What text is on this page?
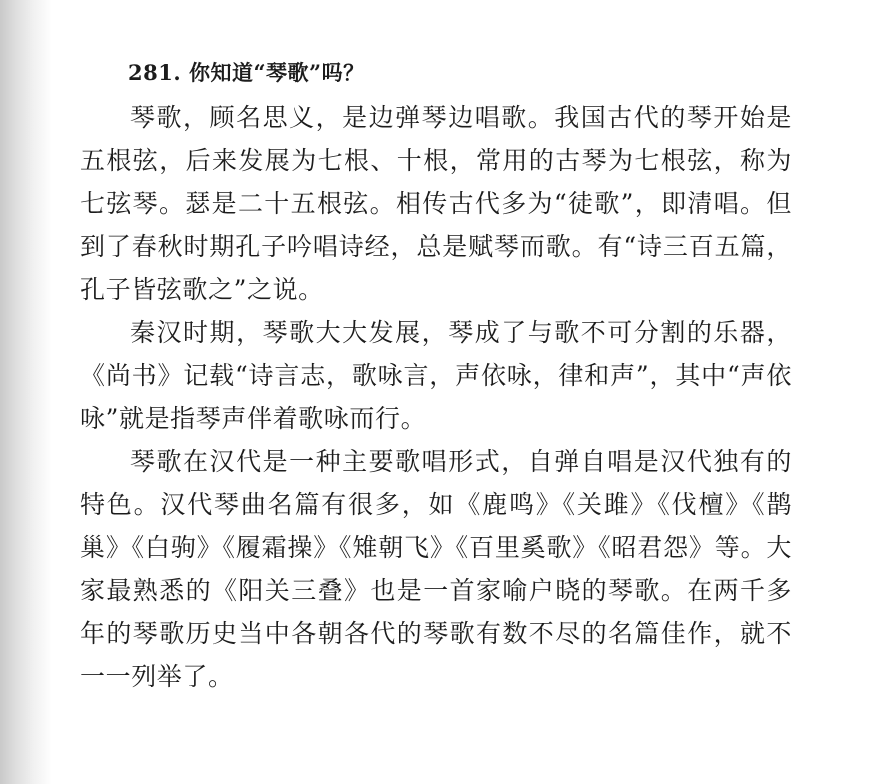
281. 你知道“琴歌”吗？

琴歌，顾名思义，是边弹琴边唱歌。我国古代的琴开始是五根弦，后来发展为七根、十根，常用的古琴为七根弦，称为七弦琴。瑟是二十五根弦。相传古代多为“徒歌”，即清唱。但到了春秋时期孔子吟唱诗经，总是赋琴而歌。有“诗三百五篇，孔子皆弦歌之”之说。

秦汉时期，琴歌大大发展，琴成了与歌不可分割的乐器，《尚书》记载“诗言志，歌咏言，声依咏，律和声”，其中“声依咏”就是指琴声伴着歌咏而行。

琴歌在汉代是一种主要歌唱形式，自弹自唱是汉代独有的特色。汉代琴曲名篇有很多，如《鹿鸣》《关雎》《伐檀》《鹊巢》《白驹》《履霜操》《雉朝飞》《百里奚歌》《昭君怨》等。大家最熟悉的《阳关三叠》也是一首家喻户晓的琴歌。在两千多年的琴歌历史当中各朝各代的琴歌有数不尽的名篇佳作，就不一一列举了。
